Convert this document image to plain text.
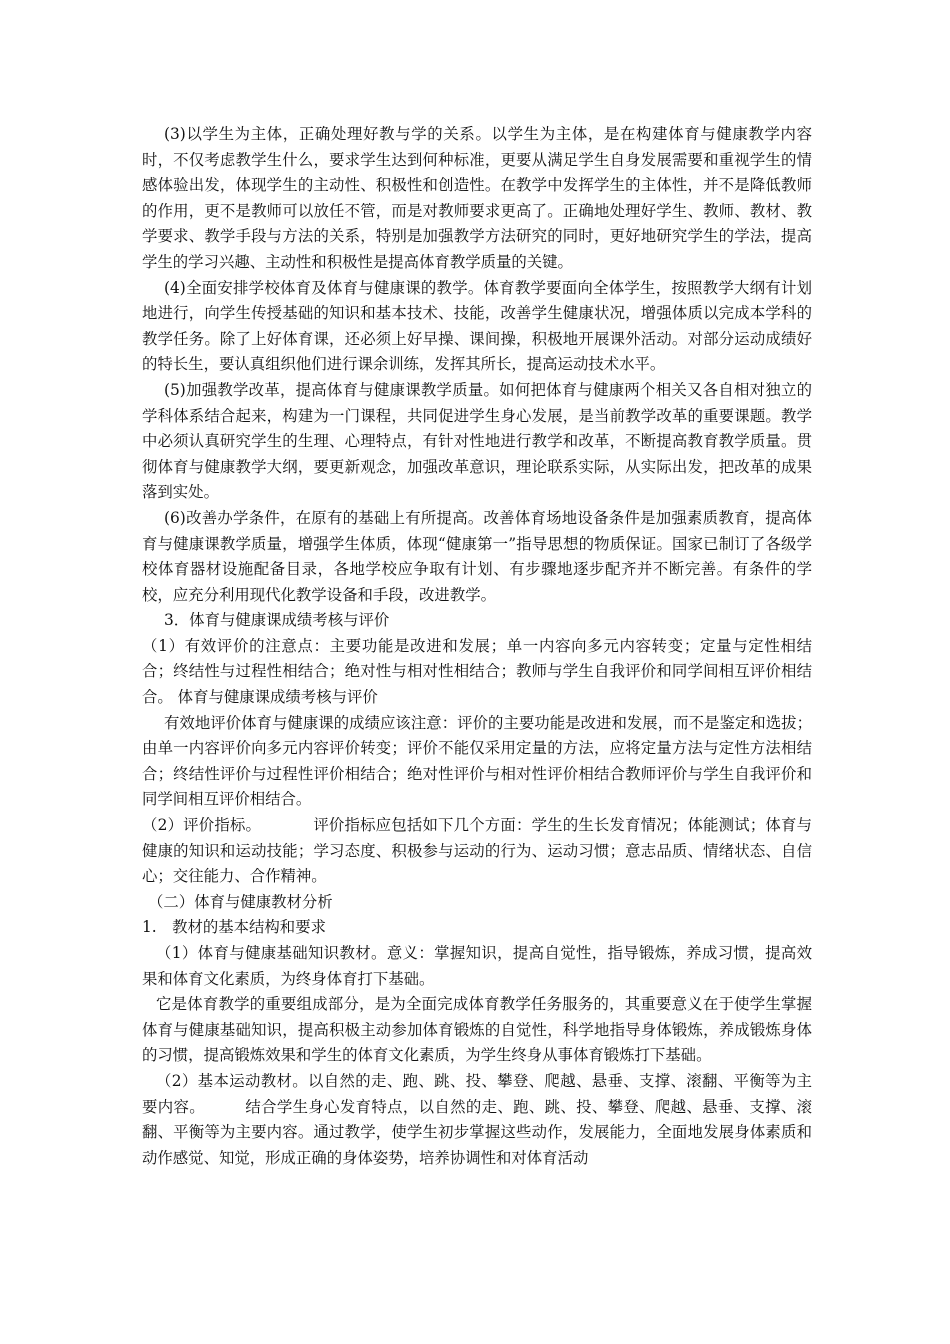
(3)以学生为主体，正确处理好教与学的关系。以学生为主体，是在构建体育与健康教学内容时，不仅考虑教学生什么，要求学生达到何种标准，更要从满足学生自身发展需要和重视学生的情感体验出发，体现学生的主动性、积极性和创造性。在教学中发挥学生的主体性，并不是降低教师的作用，更不是教师可以放任不管，而是对教师要求更高了。正确地处理好学生、教师、教材、教学要求、教学手段与方法的关系，特别是加强教学方法研究的同时，更好地研究学生的学法，提高学生的学习兴趣、主动性和积极性是提高体育教学质量的关键。

(4)全面安排学校体育及体育与健康课的教学。体育教学要面向全体学生，按照教学大纲有计划地进行，向学生传授基础的知识和基本技术、技能，改善学生健康状况，增强体质以完成本学科的教学任务。除了上好体育课，还必须上好早操、课间操，积极地开展课外活动。对部分运动成绩好的特长生，要认真组织他们进行课余训练，发挥其所长，提高运动技术水平。

(5)加强教学改革，提高体育与健康课教学质量。如何把体育与健康两个相关又各自相对独立的学科体系结合起来，构建为一门课程，共同促进学生身心发展，是当前教学改革的重要课题。教学中必须认真研究学生的生理、心理特点，有针对性地进行教学和改革，不断提高教育教学质量。贯彻体育与健康教学大纲，要更新观念，加强改革意识，理论联系实际，从实际出发，把改革的成果落到实处。

(6)改善办学条件，在原有的基础上有所提高。改善体育场地设备条件是加强素质教育，提高体育与健康课教学质量，增强学生体质，体现“健康第一”指导思想的物质保证。国家已制订了各级学校体育器材设施配备目录，各地学校应争取有计划、有步骤地逐步配齐并不断完善。有条件的学校，应充分利用现代化教学设备和手段，改进教学。

3．体育与健康课成绩考核与评价

（1）有效评价的注意点：主要功能是改进和发展；单一内容向多元内容转变；定量与定性相结合；终结性与过程性相结合；绝对性与相对性相结合；教师与学生自我评价和同学间相互评价相结合。 体育与健康课成绩考核与评价

有效地评价体育与健康课的成绩应该注意：评价的主要功能是改进和发展，而不是鉴定和选拔；由单一内容评价向多元内容评价转变；评价不能仅采用定量的方法，应将定量方法与定性方法相结合；终结性评价与过程性评价相结合；绝对性评价与相对性评价相结合教师评价与学生自我评价和同学间相互评价相结合。

（2）评价指标。	评价指标应包括如下几个方面：学生的生长发育情况；体能测试；体育与健康的知识和运动技能；学习态度、积极参与运动的行为、运动习惯；意志品质、情绪状态、自信心；交往能力、合作精神。

（二）体育与健康教材分析

1.　教材的基本结构和要求

（1）体育与健康基础知识教材。意义：掌握知识，提高自觉性，指导锻炼，养成习惯，提高效果和体育文化素质，为终身体育打下基础。

它是体育教学的重要组成部分，是为全面完成体育教学任务服务的，其重要意义在于使学生掌握体育与健康基础知识，提高积极主动参加体育锻炼的自觉性，科学地指导身体锻炼，养成锻炼身体的习惯，提高锻炼效果和学生的体育文化素质，为学生终身从事体育锻炼打下基础。

（2）基本运动教材。以自然的走、跑、跳、投、攀登、爬越、悬垂、支撑、滚翻、平衡等为主要内容。	结合学生身心发育特点，以自然的走、跑、跳、投、攀登、爬越、悬垂、支撑、滚翻、平衡等为主要内容。通过教学，使学生初步掌握这些动作，发展能力，全面地发展身体素质和动作感觉、知觉，形成正确的身体姿势，培养协调性和对体育活动
